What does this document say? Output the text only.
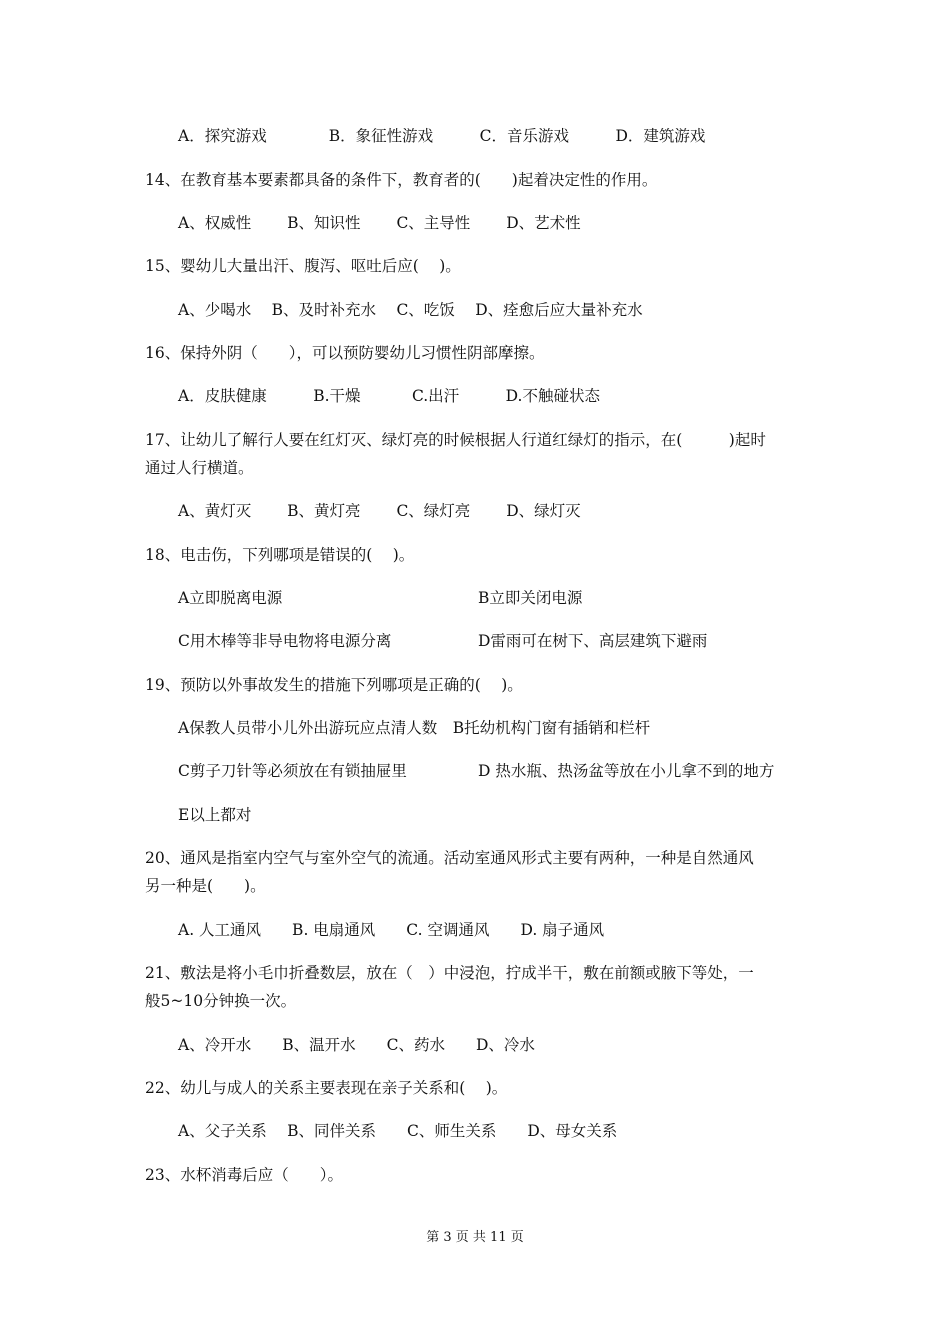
A．探究游戏　　　　B．象征性游戏　　　C．音乐游戏　　　D．建筑游戏
14、在教育基本要素都具备的条件下，教育者的(　　)起着决定性的作用。
A、权威性　　 B、知识性　　 C、主导性　　 D、艺术性
15、婴幼儿大量出汗、腹泻、呕吐后应(　 )。
A、少喝水　 B、及时补充水　 C、吃饭　 D、痊愈后应大量补充水
16、保持外阴（　　），可以预防婴幼儿习惯性阴部摩擦。
A．皮肤健康　　　B.干燥　　　 C.出汗　　　D.不触碰状态
17、让幼儿了解行人要在红灯灭、绿灯亮的时候根据人行道红绿灯的指示，在(　　　)起时
通过人行横道。
A、黄灯灭　　 B、黄灯亮　　 C、绿灯亮　　 D、绿灯灭
18、电击伤，下列哪项是错误的(　 )。
A立即脱离电源	B立即关闭电源
C用木棒等非导电物将电源分离	D雷雨可在树下、高层建筑下避雨
19、预防以外事故发生的措施下列哪项是正确的(　 )。
A保教人员带小儿外出游玩应点清人数　B托幼机构门窗有插销和栏杆
C剪子刀针等必须放在有锁抽屉里	D 热水瓶、热汤盆等放在小儿拿不到的地方
E以上都对
20、通风是指室内空气与室外空气的流通。活动室通风形式主要有两种，一种是自然通风
另一种是(　　)。
A. 人工通风　　B. 电扇通风　　C. 空调通风　　D. 扇子通风
21、敷法是将小毛巾折叠数层，放在（　）中浸泡，拧成半干，敷在前额或腋下等处，一
般5~10分钟换一次。
A、冷开水　　B、温开水　　C、药水　　D、冷水
22、幼儿与成人的关系主要表现在亲子关系和(　 )。
A、父子关系　 B、同伴关系　　C、师生关系　　D、母女关系
23、水杯消毒后应（　　）。
第 3 页 共 11 页
